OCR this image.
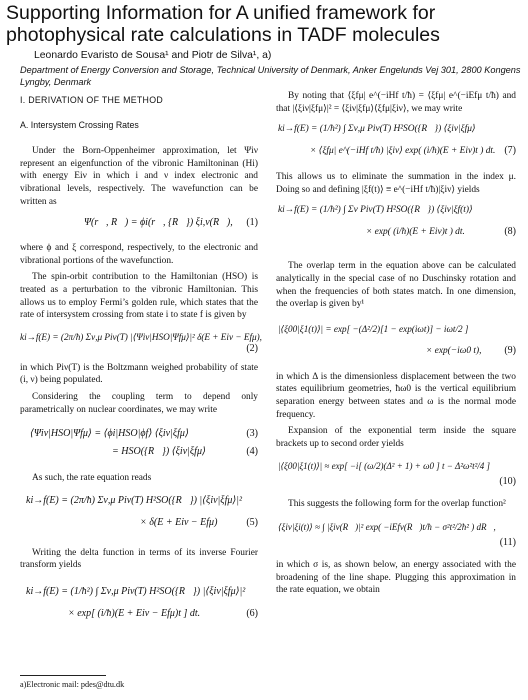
Supporting Information for A unified framework for photophysical rate calculations in TADF molecules
Leonardo Evaristo de Sousa¹ and Piotr de Silva¹, a)
Department of Energy Conversion and Storage, Technical University of Denmark, Anker Engelunds Vej 301, 2800 Kongens Lyngby, Denmark
I. DERIVATION OF THE METHOD
A. Intersystem Crossing Rates

Under the Born-Oppenheimer approximation, let Ψiν represent an eigenfunction of the vibronic Hamiltoninan (Hi) with energy Eiν in which i and ν index electronic and vibrational levels, respectively. The wavefunction can be written as

Ψ(r⃗, R⃗) = ϕi(r⃗, {R⃗}) ξi,ν(R⃗), (1)

where ϕ and ξ correspond, respectively, to the electronic and vibrational portions of the wavefunction.

The spin-orbit contribution to the Hamiltonian (HSO) is treated as a perturbation to the vibronic Hamiltonian. This allows us to employ Fermi’s golden rule, which states that the rate of intersystem crossing from state i to state f is given by

ki→f(E) = (2π/ħ) Σν,μ Piν(T) |⟨Ψiν|HSO|Ψfμ⟩|² δ(E + Eiν − Efμ),
(2)

in which Piν(T) is the Boltzmann weighed probability of state (i, ν) being populated.

Considering the coupling term to depend only parametrically on nuclear coordinates, we may write

⟨Ψiν|HSO|Ψfμ⟩ = ⟨ϕi|HSO|ϕf⟩ ⟨ξiν|ξfμ⟩	(3)
= HSO({R⃗}) ⟨ξiν|ξfμ⟩	(4)

As such, the rate equation reads

ki→f(E) = (2π/ħ) Σν,μ Piν(T) H²SO({R⃗}) |⟨ξiν|ξfμ⟩|²
× δ(E + Eiν − Efμ)	(5)

Writing the delta function in terms of its inverse Fourier transform yields

ki→f(E) = (1/ħ²) ∫ Σν,μ Piν(T) H²SO({R⃗}) |⟨ξiν|ξfμ⟩|²
× exp[ (i/ħ)(E + Eiν − Efμ)t ] dt.	(6)

By noting that ⟨ξfμ| e^(−iHf t/ħ) = ⟨ξfμ| e^(−iEfμ t/ħ) and that |⟨ξiν|ξfμ⟩|² = ⟨ξiν|ξfμ⟩⟨ξfμ|ξiν⟩, we may write

ki→f(E) = (1/ħ²) ∫ Σν,μ Piν(T) H²SO({R⃗}) ⟨ξiν|ξfμ⟩
× ⟨ξfμ| e^(−iHf t/ħ) |ξiν⟩ exp( (i/ħ)(E + Eiν)t ) dt. (7)

This allows us to eliminate the summation in the index μ. Doing so and defining |ξf(t)⟩ ≡ e^(−iHf t/ħ)|ξiν⟩ yields

ki→f(E) = (1/ħ²) ∫ Σν Piν(T) H²SO({R⃗}) ⟨ξiν|ξf(t)⟩
× exp( (i/ħ)(E + Eiν)t ) dt.	(8)

The overlap term in the equation above can be calculated analytically in the special case of no Duschinsky rotation and when the frequencies of both states match. In one dimension, the overlap is given by¹

|⟨ξ00|ξ1(t)⟩| = exp[ −(Δ²/2)[1 − exp(iωt)] − iωt/2 ]
× exp(−iω0 t), (9)

in which Δ is the dimensionless displacement between the two states equilibrium geometries, ħω0 is the vertical equilibrium separation energy between states and ω is the normal mode frequency.

Expansion of the exponential term inside the square brackets up to second order yields

|⟨ξ00|ξ1(t)⟩| ≈ exp[ −i[ (ω/2)(Δ² + 1) + ω0 ] t − Δ²ω²t²/4 ]
(10)

This suggests the following form for the overlap function²

⟨ξiν|ξi(t)⟩ ≈ ∫ |ξiν(R⃗)|² exp( −iEfν(R⃗)t/ħ − σ²t²/2ħ² ) dR⃗,
(11)

in which σ is, as shown below, an energy associated with the broadening of the line shape. Plugging this approximation in the rate equation, we obtain

a)Electronic mail: pdes@dtu.dk
